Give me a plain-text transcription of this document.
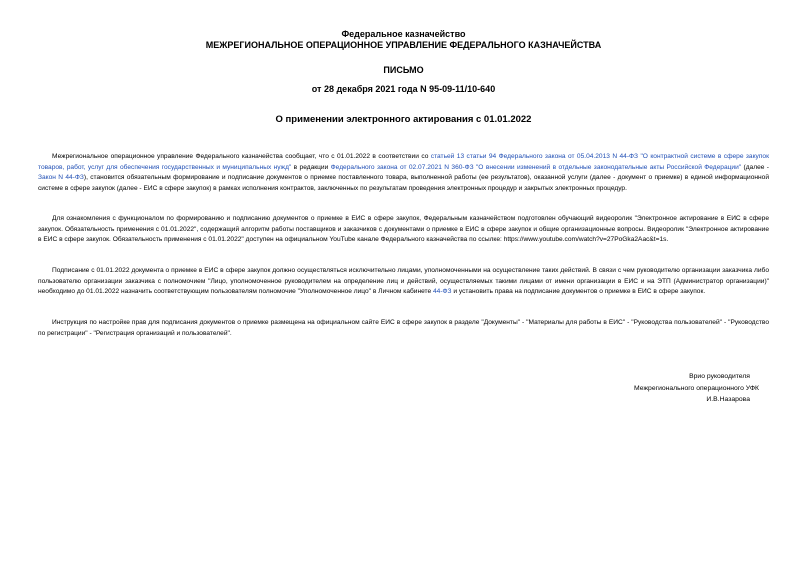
Федеральное казначейство
МЕЖРЕГИОНАЛЬНОЕ ОПЕРАЦИОННОЕ УПРАВЛЕНИЕ ФЕДЕРАЛЬНОГО КАЗНАЧЕЙСТВА
ПИСЬМО
от 28 декабря 2021 года N 95-09-11/10-640
О применении электронного актирования с 01.01.2022
Межрегиональное операционное управление Федерального казначейства сообщает, что с 01.01.2022 в соответствии со статьей 13 статьи 94 Федерального закона от 05.04.2013 N 44-ФЗ "О контрактной системе в сфере закупок товаров, работ, услуг для обеспечения государственных и муниципальных нужд" в редакции Федерального закона от 02.07.2021 N 360-ФЗ "О внесении изменений в отдельные законодательные акты Российской Федерации" (далее - Закон N 44-ФЗ), становится обязательным формирование и подписание документов о приемке поставленного товара, выполненной работы (ее результатов), оказанной услуги (далее - документ о приемке) в единой информационной системе в сфере закупок (далее - ЕИС в сфере закупок) в рамках исполнения контрактов, заключенных по результатам проведения электронных процедур и закрытых электронных процедур.
Для ознакомления с функционалом по формированию и подписанию документов о приемке в ЕИС в сфере закупок, Федеральным казначейством подготовлен обучающий видеоролик "Электронное актирование в ЕИС в сфере закупок. Обязательность применения с 01.01.2022", содержащий алгоритм работы поставщиков и заказчиков с документами о приемке в ЕИС в сфере закупок и общие организационные вопросы. Видеоролик "Электронное актирование в ЕИС в сфере закупок. Обязательность применения с 01.01.2022" доступен на официальном YouTube канале Федерального казначейства по ссылке: https://www.youtube.com/watch?v=27PoGka2Aac&t=1s.
Подписание с 01.01.2022 документа о приемке в ЕИС в сфере закупок должно осуществляться исключительно лицами, уполномоченными на осуществление таких действий. В связи с чем руководителю организации заказчика либо пользователю организации заказчика с полномочием "Лицо, уполномоченное руководителем на определение лиц и действий, осуществляемых такими лицами от имени организации в ЕИС и на ЭТП (Администратор организации)" необходимо до 01.01.2022 назначить соответствующим пользователям полномочие "Уполномоченное лицо" в Личном кабинете 44-ФЗ и установить права на подписание документов о приемке в ЕИС в сфере закупок.
Инструкция по настройке прав для подписания документов о приемке размещена на официальном сайте ЕИС в сфере закупок в разделе "Документы" - "Материалы для работы в ЕИС" - "Руководства пользователей" - "Руководство по регистрации" - "Регистрация организаций и пользователей".
Врио руководителя
Межрегионального операционного УФК
И.В.Назарова
